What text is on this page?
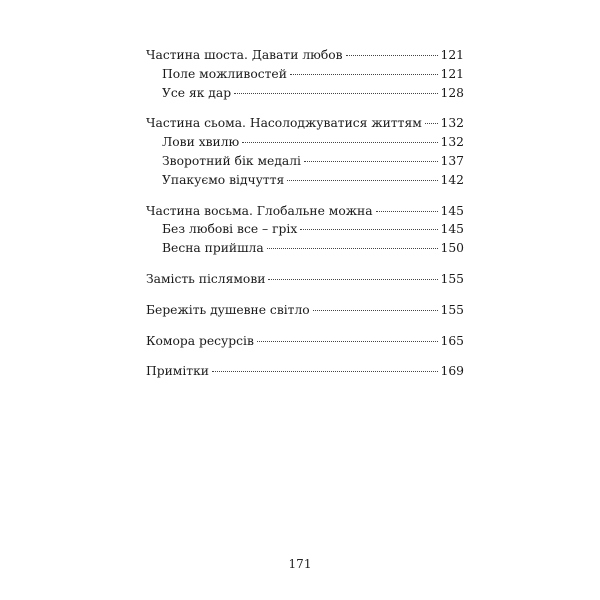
Частина шоста. Давати любов	121
Поле можливостей	121
Усе як дар	128
Частина сьома. Насолоджуватися життям 132
Лови хвилю	132
Зворотний бік медалі	137
Упакуємо відчуття	142
Частина восьма. Глобальне можна	145
Без любові все – гріх	145
Весна прийшла	150
Замість післямови	155
Бережіть душевне світло	155
Комора ресурсів	165
Примітки	169
171
